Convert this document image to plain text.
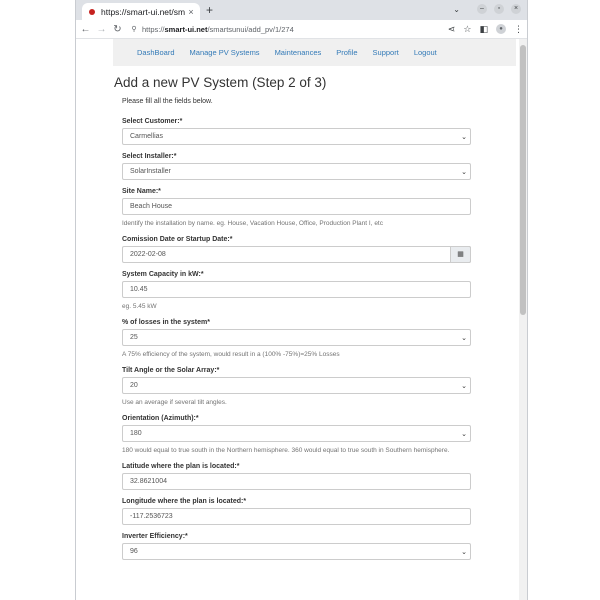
https://smart-ui.net/sm × +	⌄	–	▫	×
← → ↻	⚲ https:// smart-ui.net /smartsunui/add_pv/1/274	⋖ ☆ ◧	●	⋮
DashBoard Manage PV Systems Maintenances Profile Support Logout
Add a new PV System (Step 2 of 3)
Please fill all the fields below.
Select Customer:*
Carmellias	⌄
Select Installer:*
SolarInstaller	⌄
Site Name:*
Beach House
Identify the installation by name. eg. House, Vacation House, Office, Production Plant I, etc
Comission Date or Startup Date:*
2022-02-08	▦
System Capacity in kW:*
10.45
eg. 5.45 kW
% of losses in the system*
25	⌄
A 75% efficiency of the system, would result in a (100% -75%)=25% Losses
Tilt Angle or the Solar Array:*
20	⌄
Use an average if several tilt angles.
Orientation (Azimuth):*
180	⌄
180 would equal to true south in the Northern hemisphere. 360 would equal to true south in Southern hemisphere.
Latitude where the plan is located:*
32.8621004
Longitude where the plan is located:*
-117.2536723
Inverter Efficiency:*
96	⌄
